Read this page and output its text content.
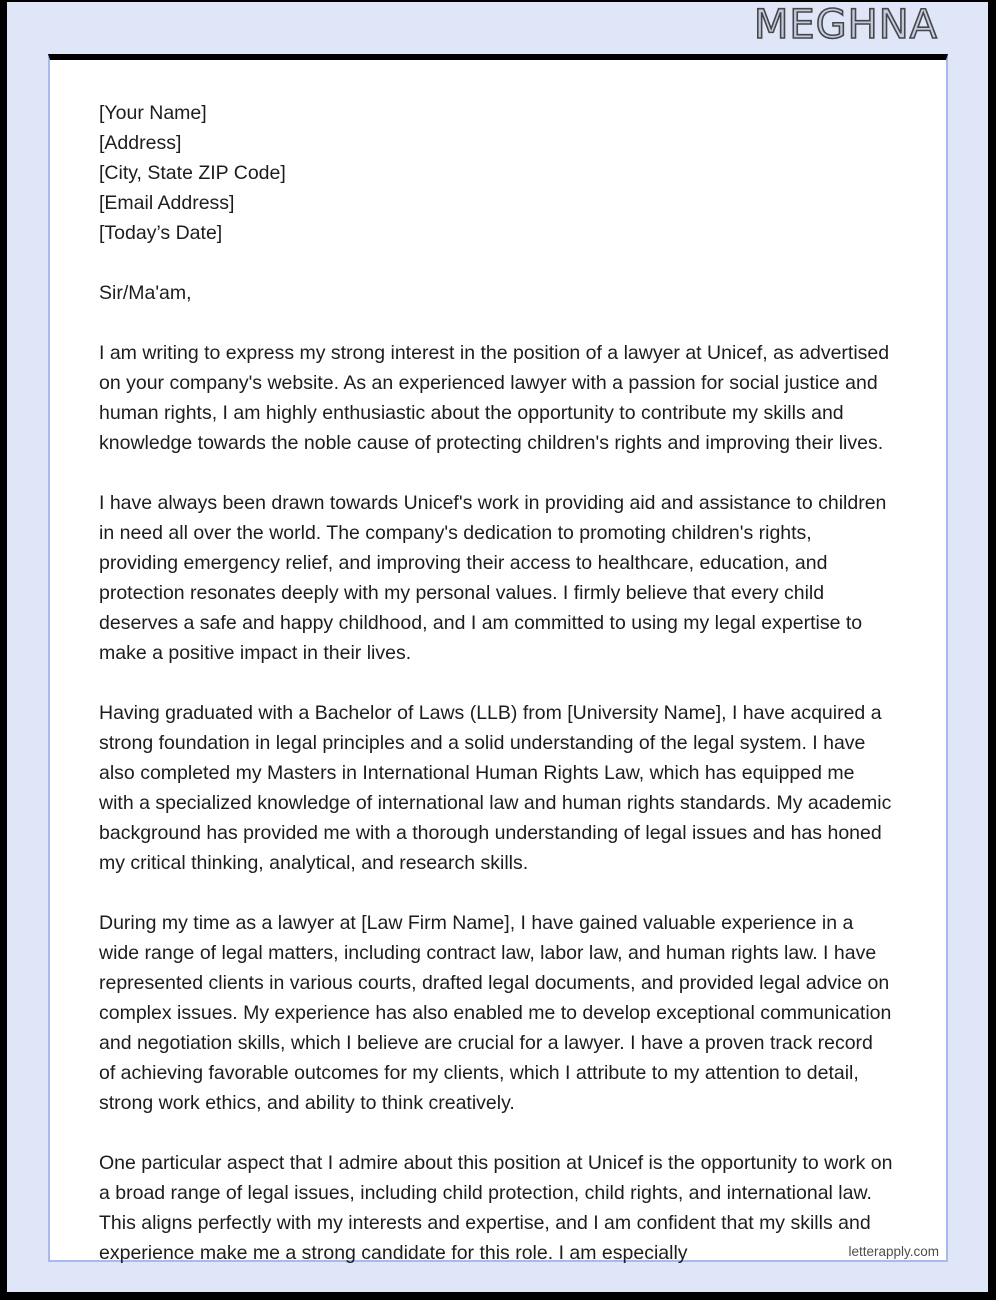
MEGHNA

[Your Name]

[Address]

[City, State ZIP Code]

[Email Address]

[Today’s Date]

Sir/Ma'am,

I am writing to express my strong interest in the position of a lawyer at Unicef, as advertised on your company's website. As an experienced lawyer with a passion for social justice and human rights, I am highly enthusiastic about the opportunity to contribute my skills and knowledge towards the noble cause of protecting children's rights and improving their lives.

I have always been drawn towards Unicef's work in providing aid and assistance to children in need all over the world. The company's dedication to promoting children's rights, providing emergency relief, and improving their access to healthcare, education, and protection resonates deeply with my personal values. I firmly believe that every child deserves a safe and happy childhood, and I am committed to using my legal expertise to make a positive impact in their lives.

Having graduated with a Bachelor of Laws (LLB) from [University Name], I have acquired a strong foundation in legal principles and a solid understanding of the legal system. I have also completed my Masters in International Human Rights Law, which has equipped me with a specialized knowledge of international law and human rights standards. My academic background has provided me with a thorough understanding of legal issues and has honed my critical thinking, analytical, and research skills.

During my time as a lawyer at [Law Firm Name], I have gained valuable experience in a wide range of legal matters, including contract law, labor law, and human rights law. I have represented clients in various courts, drafted legal documents, and provided legal advice on complex issues. My experience has also enabled me to develop exceptional communication and negotiation skills, which I believe are crucial for a lawyer. I have a proven track record of achieving favorable outcomes for my clients, which I attribute to my attention to detail, strong work ethics, and ability to think creatively.

One particular aspect that I admire about this position at Unicef is the opportunity to work on a broad range of legal issues, including child protection, child rights, and international law. This aligns perfectly with my interests and expertise, and I am confident that my skills and experience make me a strong candidate for this role. I am especially	letterapply.com
